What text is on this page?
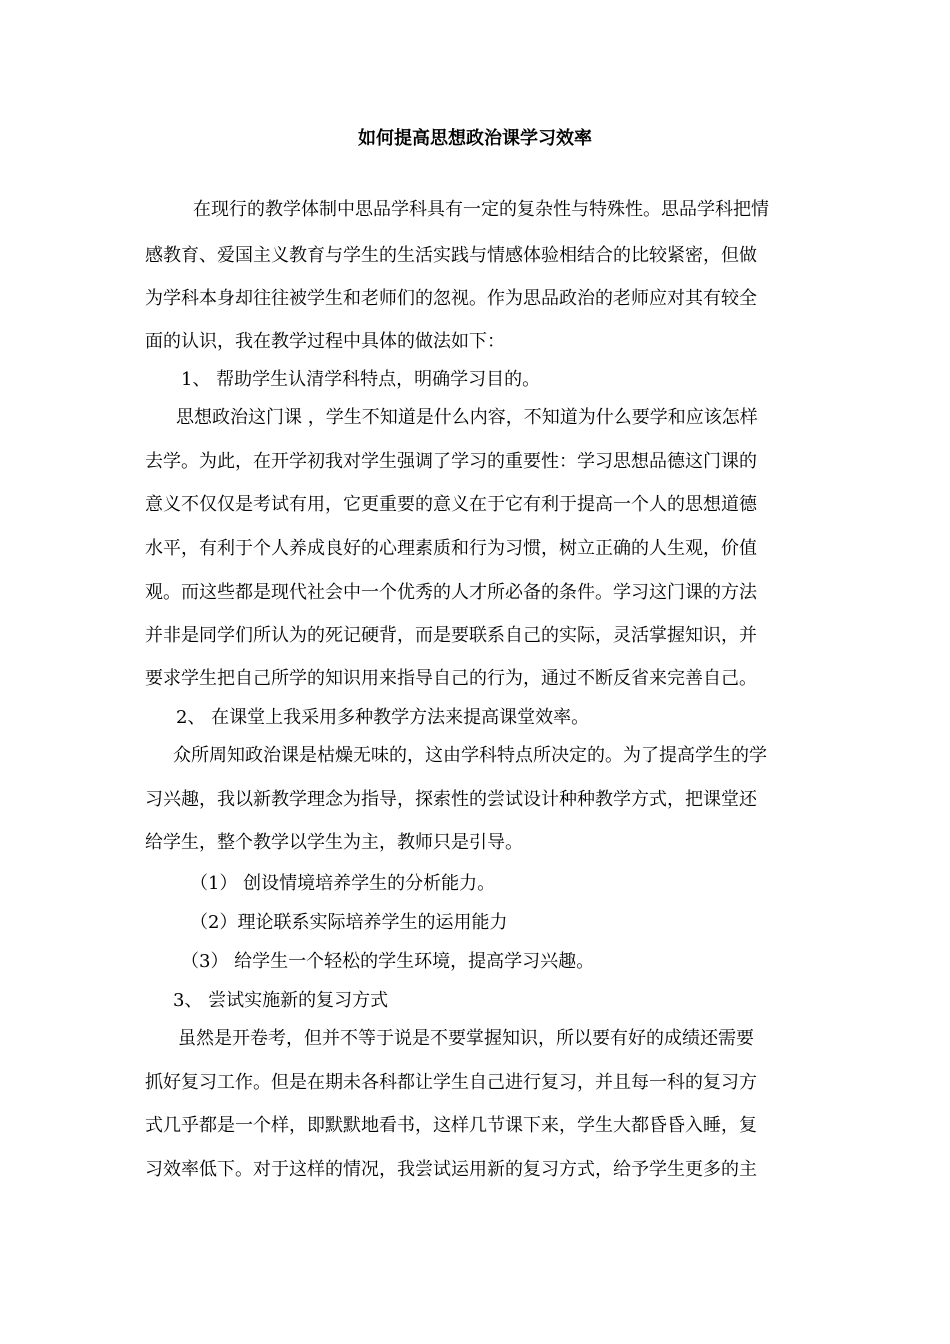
如何提高思想政治课学习效率
　在现行的教学体制中思品学科具有一定的复杂性与特殊性。思品学科把情
感教育、爱国主义教育与学生的生活实践与情感体验相结合的比较紧密，但做
为学科本身却往往被学生和老师们的忽视。作为思品政治的老师应对其有较全
面的认识，我在教学过程中具体的做法如下：
1、 帮助学生认清学科特点，明确学习目的。
思想政治这门课 ，学生不知道是什么内容，不知道为什么要学和应该怎样
去学。为此，在开学初我对学生强调了学习的重要性：学习思想品德这门课的
意义不仅仅是考试有用，它更重要的意义在于它有利于提高一个人的思想道德
水平，有利于个人养成良好的心理素质和行为习惯，树立正确的人生观，价值
观。而这些都是现代社会中一个优秀的人才所必备的条件。学习这门课的方法
并非是同学们所认为的死记硬背，而是要联系自己的实际，灵活掌握知识，并
要求学生把自己所学的知识用来指导自己的行为，通过不断反省来完善自己。
2、 在课堂上我采用多种教学方法来提高课堂效率。
众所周知政治课是枯燥无味的，这由学科特点所决定的。为了提高学生的学
习兴趣，我以新教学理念为指导，探索性的尝试设计种种教学方式，把课堂还
给学生，整个教学以学生为主，教师只是引导。
（1） 创设情境培养学生的分析能力。
（2）理论联系实际培养学生的运用能力
（3） 给学生一个轻松的学生环境，提高学习兴趣。
3、 尝试实施新的复习方式
虽然是开卷考，但并不等于说是不要掌握知识，所以要有好的成绩还需要
抓好复习工作。但是在期未各科都让学生自己进行复习，并且每一科的复习方
式几乎都是一个样，即默默地看书，这样几节课下来，学生大都昏昏入睡，复
习效率低下。对于这样的情况，我尝试运用新的复习方式，给予学生更多的主
